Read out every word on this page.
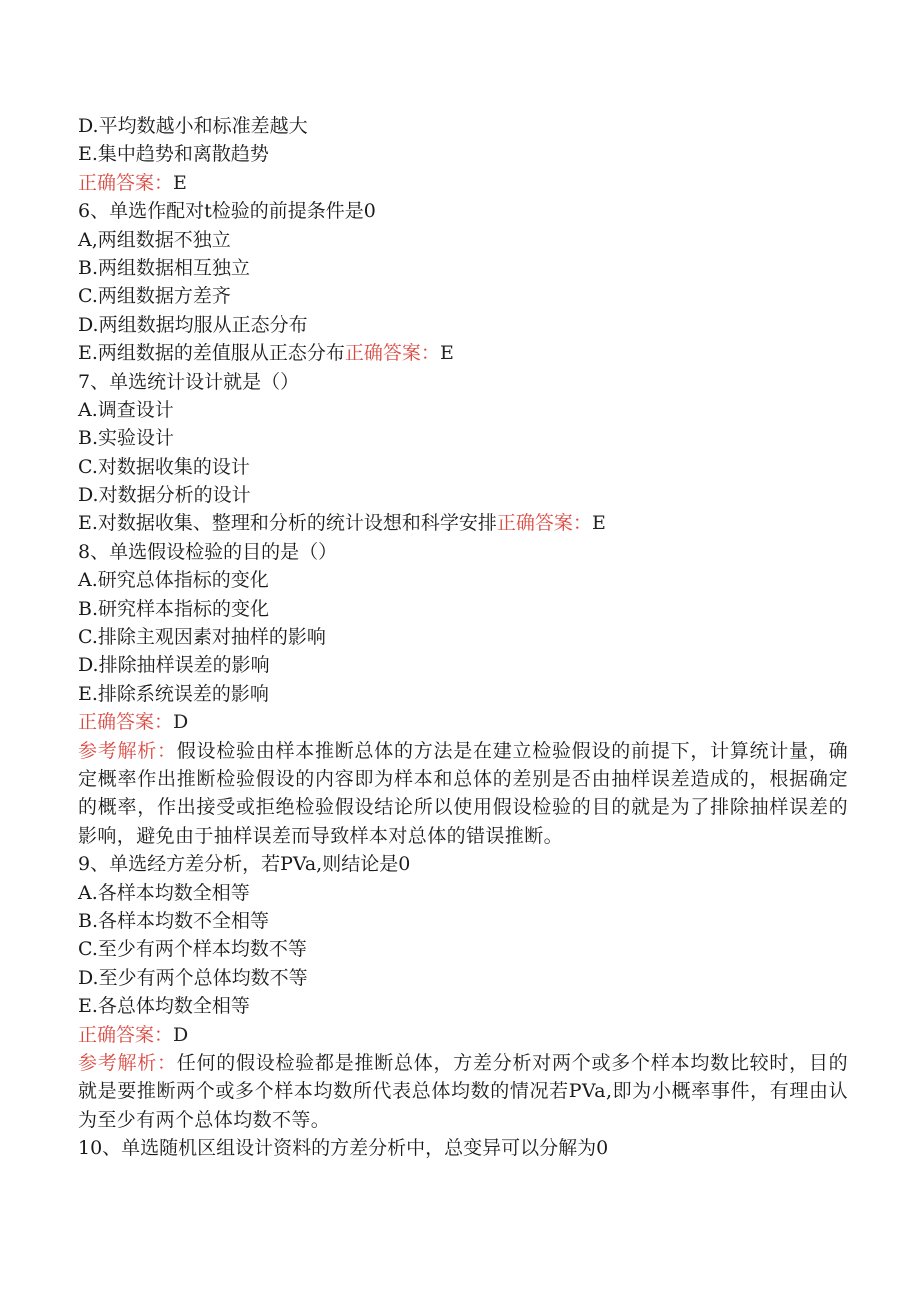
D.平均数越小和标准差越大
E.集中趋势和离散趋势
正确答案：E
6、单选作配对t检验的前提条件是0
A,两组数据不独立
B.两组数据相互独立
C.两组数据方差齐
D.两组数据均服从正态分布
E.两组数据的差值服从正态分布正确答案：E
7、单选统计设计就是（）
A.调查设计
B.实验设计
C.对数据收集的设计
D.对数据分析的设计
E.对数据收集、整理和分析的统计设想和科学安排正确答案：E
8、单选假设检验的目的是（）
A.研究总体指标的变化
B.研究样本指标的变化
C.排除主观因素对抽样的影响
D.排除抽样误差的影响
E.排除系统误差的影响
正确答案：D
参考解析：假设检验由样本推断总体的方法是在建立检验假设的前提下，计算统计量，确定概率作出推断检验假设的内容即为样本和总体的差别是否由抽样误差造成的，根据确定的概率，作出接受或拒绝检验假设结论所以使用假设检验的目的就是为了排除抽样误差的影响，避免由于抽样误差而导致样本对总体的错误推断。
9、单选经方差分析，若PVa,则结论是0
A.各样本均数全相等
B.各样本均数不全相等
C.至少有两个样本均数不等
D.至少有两个总体均数不等
E.各总体均数全相等
正确答案：D
参考解析：任何的假设检验都是推断总体，方差分析对两个或多个样本均数比较时，目的就是要推断两个或多个样本均数所代表总体均数的情况若PVa,即为小概率事件，有理由认为至少有两个总体均数不等。
10、单选随机区组设计资料的方差分析中，总变异可以分解为0
